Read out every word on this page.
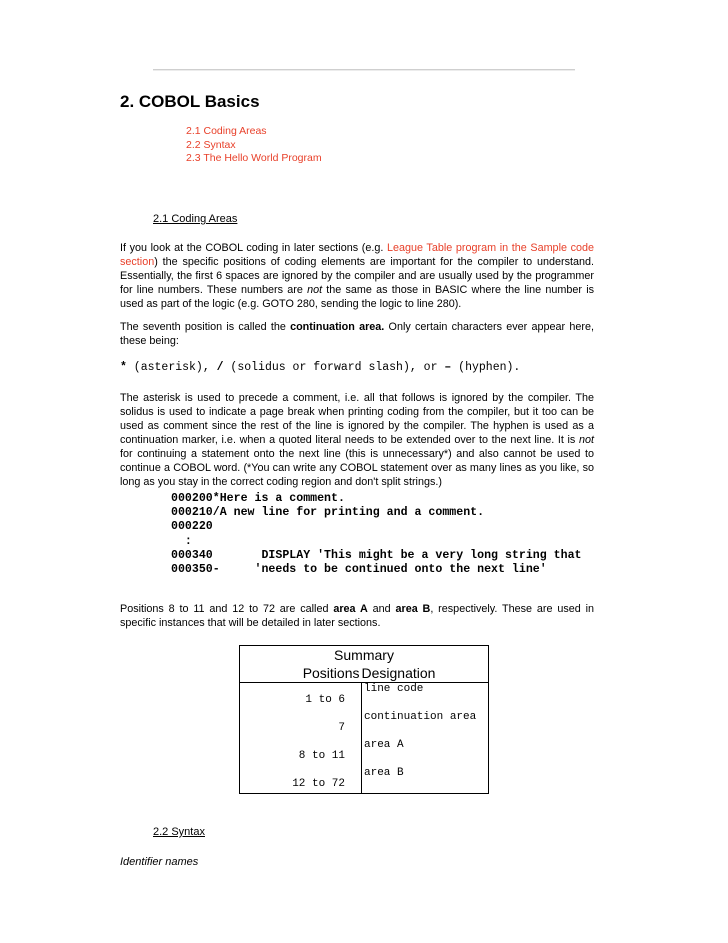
2. COBOL Basics
2.1 Coding Areas
2.2 Syntax
2.3 The Hello World Program
2.1 Coding Areas
If you look at the COBOL coding in later sections (e.g. League Table program in the Sample code section) the specific positions of coding elements are important for the compiler to understand. Essentially, the first 6 spaces are ignored by the compiler and are usually used by the programmer for line numbers. These numbers are not the same as those in BASIC where the line number is used as part of the logic (e.g. GOTO 280, sending the logic to line 280).
The seventh position is called the continuation area. Only certain characters ever appear here, these being:
* (asterisk), / (solidus or forward slash), or – (hyphen).
The asterisk is used to precede a comment, i.e. all that follows is ignored by the compiler. The solidus is used to indicate a page break when printing coding from the compiler, but it too can be used as comment since the rest of the line is ignored by the compiler. The hyphen is used as a continuation marker, i.e. when a quoted literal needs to be extended over to the next line. It is not for continuing a statement onto the next line (this is unnecessary*) and also cannot be used to continue a COBOL word. (*You can write any COBOL statement over as many lines as you like, so long as you stay in the correct coding region and don't split strings.)
000200*Here is a comment.
000210/A new line for printing and a comment.
000220
:
000340       DISPLAY 'This might be a very long string that
000350-     'needs to be continued onto the next line'
Positions 8 to 11 and 12 to 72 are called area A and area B, respectively. These are used in specific instances that will be detailed in later sections.
Summary	
Positions	Designation
1 to 6	line code
7	continuation area
8 to 11	area A
12 to 72	area B
2.2 Syntax
Identifier names
